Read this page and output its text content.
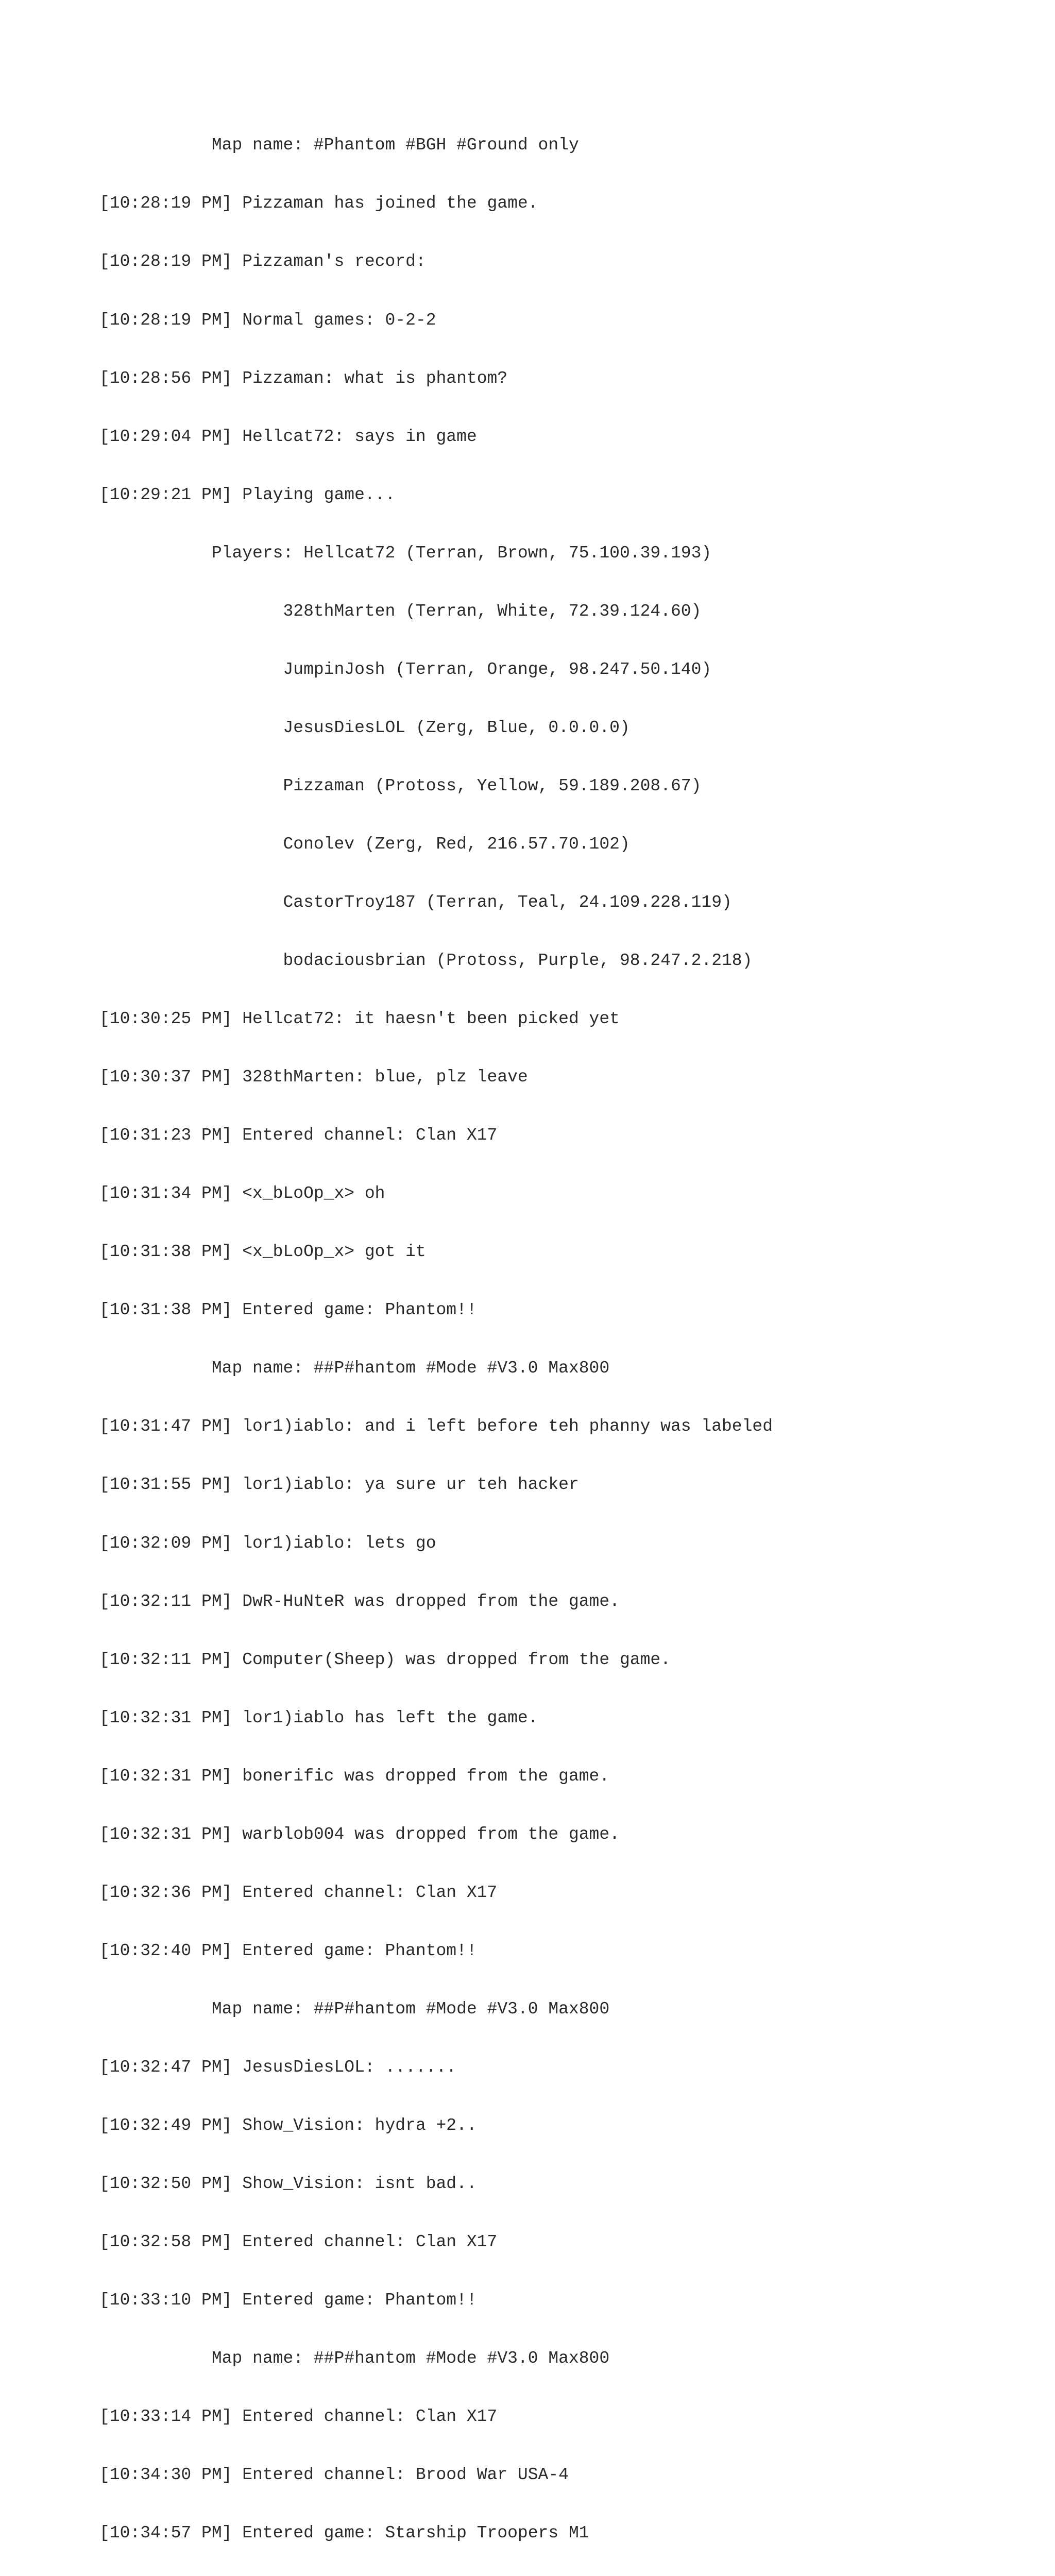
Map name: #Phantom #BGH #Ground only

[10:28:19 PM] Pizzaman has joined the game.

[10:28:19 PM] Pizzaman's record:

[10:28:19 PM] Normal games: 0-2-2

[10:28:56 PM] Pizzaman: what is phantom?

[10:29:04 PM] Hellcat72: says in game

[10:29:21 PM] Playing game...

Players: Hellcat72 (Terran, Brown, 75.100.39.193)

328thMarten (Terran, White, 72.39.124.60)

JumpinJosh (Terran, Orange, 98.247.50.140)

JesusDiesLOL (Zerg, Blue, 0.0.0.0)

Pizzaman (Protoss, Yellow, 59.189.208.67)

Conolev (Zerg, Red, 216.57.70.102)

CastorTroy187 (Terran, Teal, 24.109.228.119)

bodaciousbrian (Protoss, Purple, 98.247.2.218)

[10:30:25 PM] Hellcat72: it haesn't been picked yet

[10:30:37 PM] 328thMarten: blue, plz leave

[10:31:23 PM] Entered channel: Clan X17

[10:31:34 PM] <x_bLoOp_x> oh

[10:31:38 PM] <x_bLoOp_x> got it

[10:31:38 PM] Entered game: Phantom!!

Map name: ##P#hantom #Mode #V3.0 Max800

[10:31:47 PM] lor1)iablo: and i left before teh phanny was labeled

[10:31:55 PM] lor1)iablo: ya sure ur teh hacker

[10:32:09 PM] lor1)iablo: lets go

[10:32:11 PM] DwR-HuNteR was dropped from the game.

[10:32:11 PM] Computer(Sheep) was dropped from the game.

[10:32:31 PM] lor1)iablo has left the game.

[10:32:31 PM] bonerific was dropped from the game.

[10:32:31 PM] warblob004 was dropped from the game.

[10:32:36 PM] Entered channel: Clan X17

[10:32:40 PM] Entered game: Phantom!!

Map name: ##P#hantom #Mode #V3.0 Max800

[10:32:47 PM] JesusDiesLOL: .......

[10:32:49 PM] Show_Vision: hydra +2..

[10:32:50 PM] Show_Vision: isnt bad..

[10:32:58 PM] Entered channel: Clan X17

[10:33:10 PM] Entered game: Phantom!!

Map name: ##P#hantom #Mode #V3.0 Max800

[10:33:14 PM] Entered channel: Clan X17

[10:34:30 PM] Entered channel: Brood War USA-4

[10:34:57 PM] Entered game: Starship Troopers M1
